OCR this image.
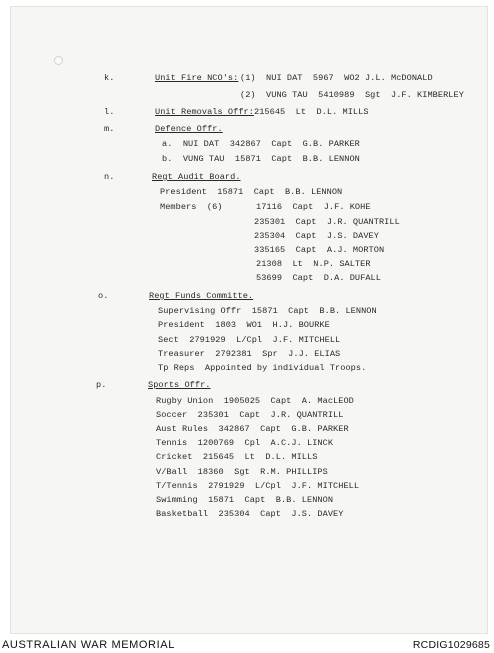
k.	Unit Fire NCO's: (1)  NUI DAT  5967  WO2 J.L. McDONALD
(2)  VUNG TAU  5410989  Sgt  J.F. KIMBERLEY
l.	Unit Removals Offr: 215645  Lt  D.L. MILLS
m.	Defence Offr.
a.  NUI DAT  342867  Capt  G.B. PARKER
b.  VUNG TAU  15871  Capt  B.B. LENNON
n.	Regt Audit Board.
President  15871  Capt  B.B. LENNON
Members  (6)	17116  Capt  J.F. KOHE
235301  Capt  J.R. QUANTRILL
235304  Capt  J.S. DAVEY
335165  Capt  A.J. MORTON
21308  Lt  N.P. SALTER
53699  Capt  D.A. DUFALL
o.	Regt Funds Committe.
Supervising Offr  15871  Capt  B.B. LENNON
President  1803  WO1  H.J. BOURKE
Sect  2791929  L/Cpl  J.F. MITCHELL
Treasurer  2792381  Spr  J.J. ELIAS
Tp Reps  Appointed by individual Troops.
p.	Sports Offr.
Rugby Union  1905025  Capt  A. MacLEOD
Soccer  235301  Capt  J.R. QUANTRILL
Aust Rules  342867  Capt  G.B. PARKER
Tennis  1200769  Cpl  A.C.J. LINCK
Cricket  215645  Lt  D.L. MILLS
V/Ball  18360  Sgt  R.M. PHILLIPS
T/Tennis  2791929  L/Cpl  J.F. MITCHELL
Swimming  15871  Capt  B.B. LENNON
Basketball  235304  Capt  J.S. DAVEY
AUSTRALIAN WAR MEMORIAL	RCDIG1029685
